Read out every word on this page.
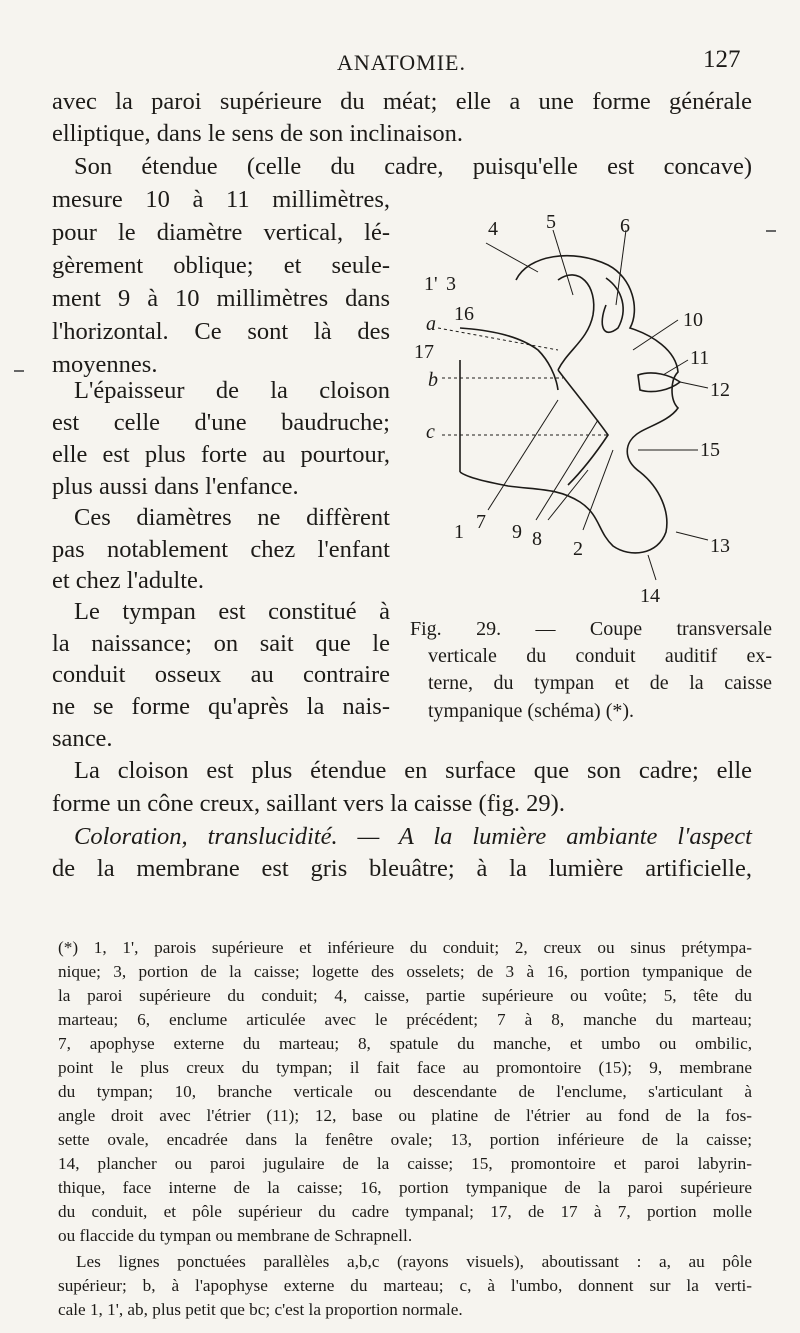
ANATOMIE.	127
avec la paroi supérieure du méat; elle a une forme générale
elliptique, dans le sens de son inclinaison.
Son étendue (celle du cadre, puisqu'elle est concave)
mesure 10 à 11 millimètres,
pour le diamètre vertical, lé-
gèrement oblique; et seule-
ment 9 à 10 millimètres dans
l'horizontal. Ce sont là des
moyennes.
L'épaisseur de la cloison
est celle d'une baudruche;
elle est plus forte au pourtour,
plus aussi dans l'enfance.
Ces diamètres ne diffèrent
pas notablement chez l'enfant
et chez l'adulte.
Le tympan est constitué à
la naissance; on sait que le
conduit osseux au contraire
ne se forme qu'après la nais-
sance.
La cloison est plus étendue en surface que son cadre; elle
forme un cône creux, saillant vers la caisse (fig. 29).
Coloration, translucidité. — A la lumière ambiante l'aspect
de la membrane est gris bleuâtre; à la lumière artificielle,
1' 3
4 5	6
16
a	10
17	11
b	12
c
15
1 7 9 8 2	13
14
Fig. 29. — Coupe transversale
verticale du conduit auditif ex-
terne, du tympan et de la caisse
tympanique (schéma) (*).
(*) 1, 1', parois supérieure et inférieure du conduit; 2, creux ou sinus prétympa-
nique; 3, portion de la caisse; logette des osselets; de 3 à 16, portion tympanique de
la paroi supérieure du conduit; 4, caisse, partie supérieure ou voûte; 5, tête du
marteau; 6, enclume articulée avec le précédent; 7 à 8, manche du marteau;
7, apophyse externe du marteau; 8, spatule du manche, et umbo ou ombilic,
point le plus creux du tympan; il fait face au promontoire (15); 9, membrane
du tympan; 10, branche verticale ou descendante de l'enclume, s'articulant à
angle droit avec l'étrier (11); 12, base ou platine de l'étrier au fond de la fos-
sette ovale, encadrée dans la fenêtre ovale; 13, portion inférieure de la caisse;
14, plancher ou paroi jugulaire de la caisse; 15, promontoire et paroi labyrin-
thique, face interne de la caisse; 16, portion tympanique de la paroi supérieure
du conduit, et pôle supérieur du cadre tympanal; 17, de 17 à 7, portion molle
ou flaccide du tympan ou membrane de Schrapnell.
Les lignes ponctuées parallèles a,b,c (rayons visuels), aboutissant : a, au pôle
supérieur; b, à l'apophyse externe du marteau; c, à l'umbo, donnent sur la verti-
cale 1, 1', ab, plus petit que bc; c'est la proportion normale.
